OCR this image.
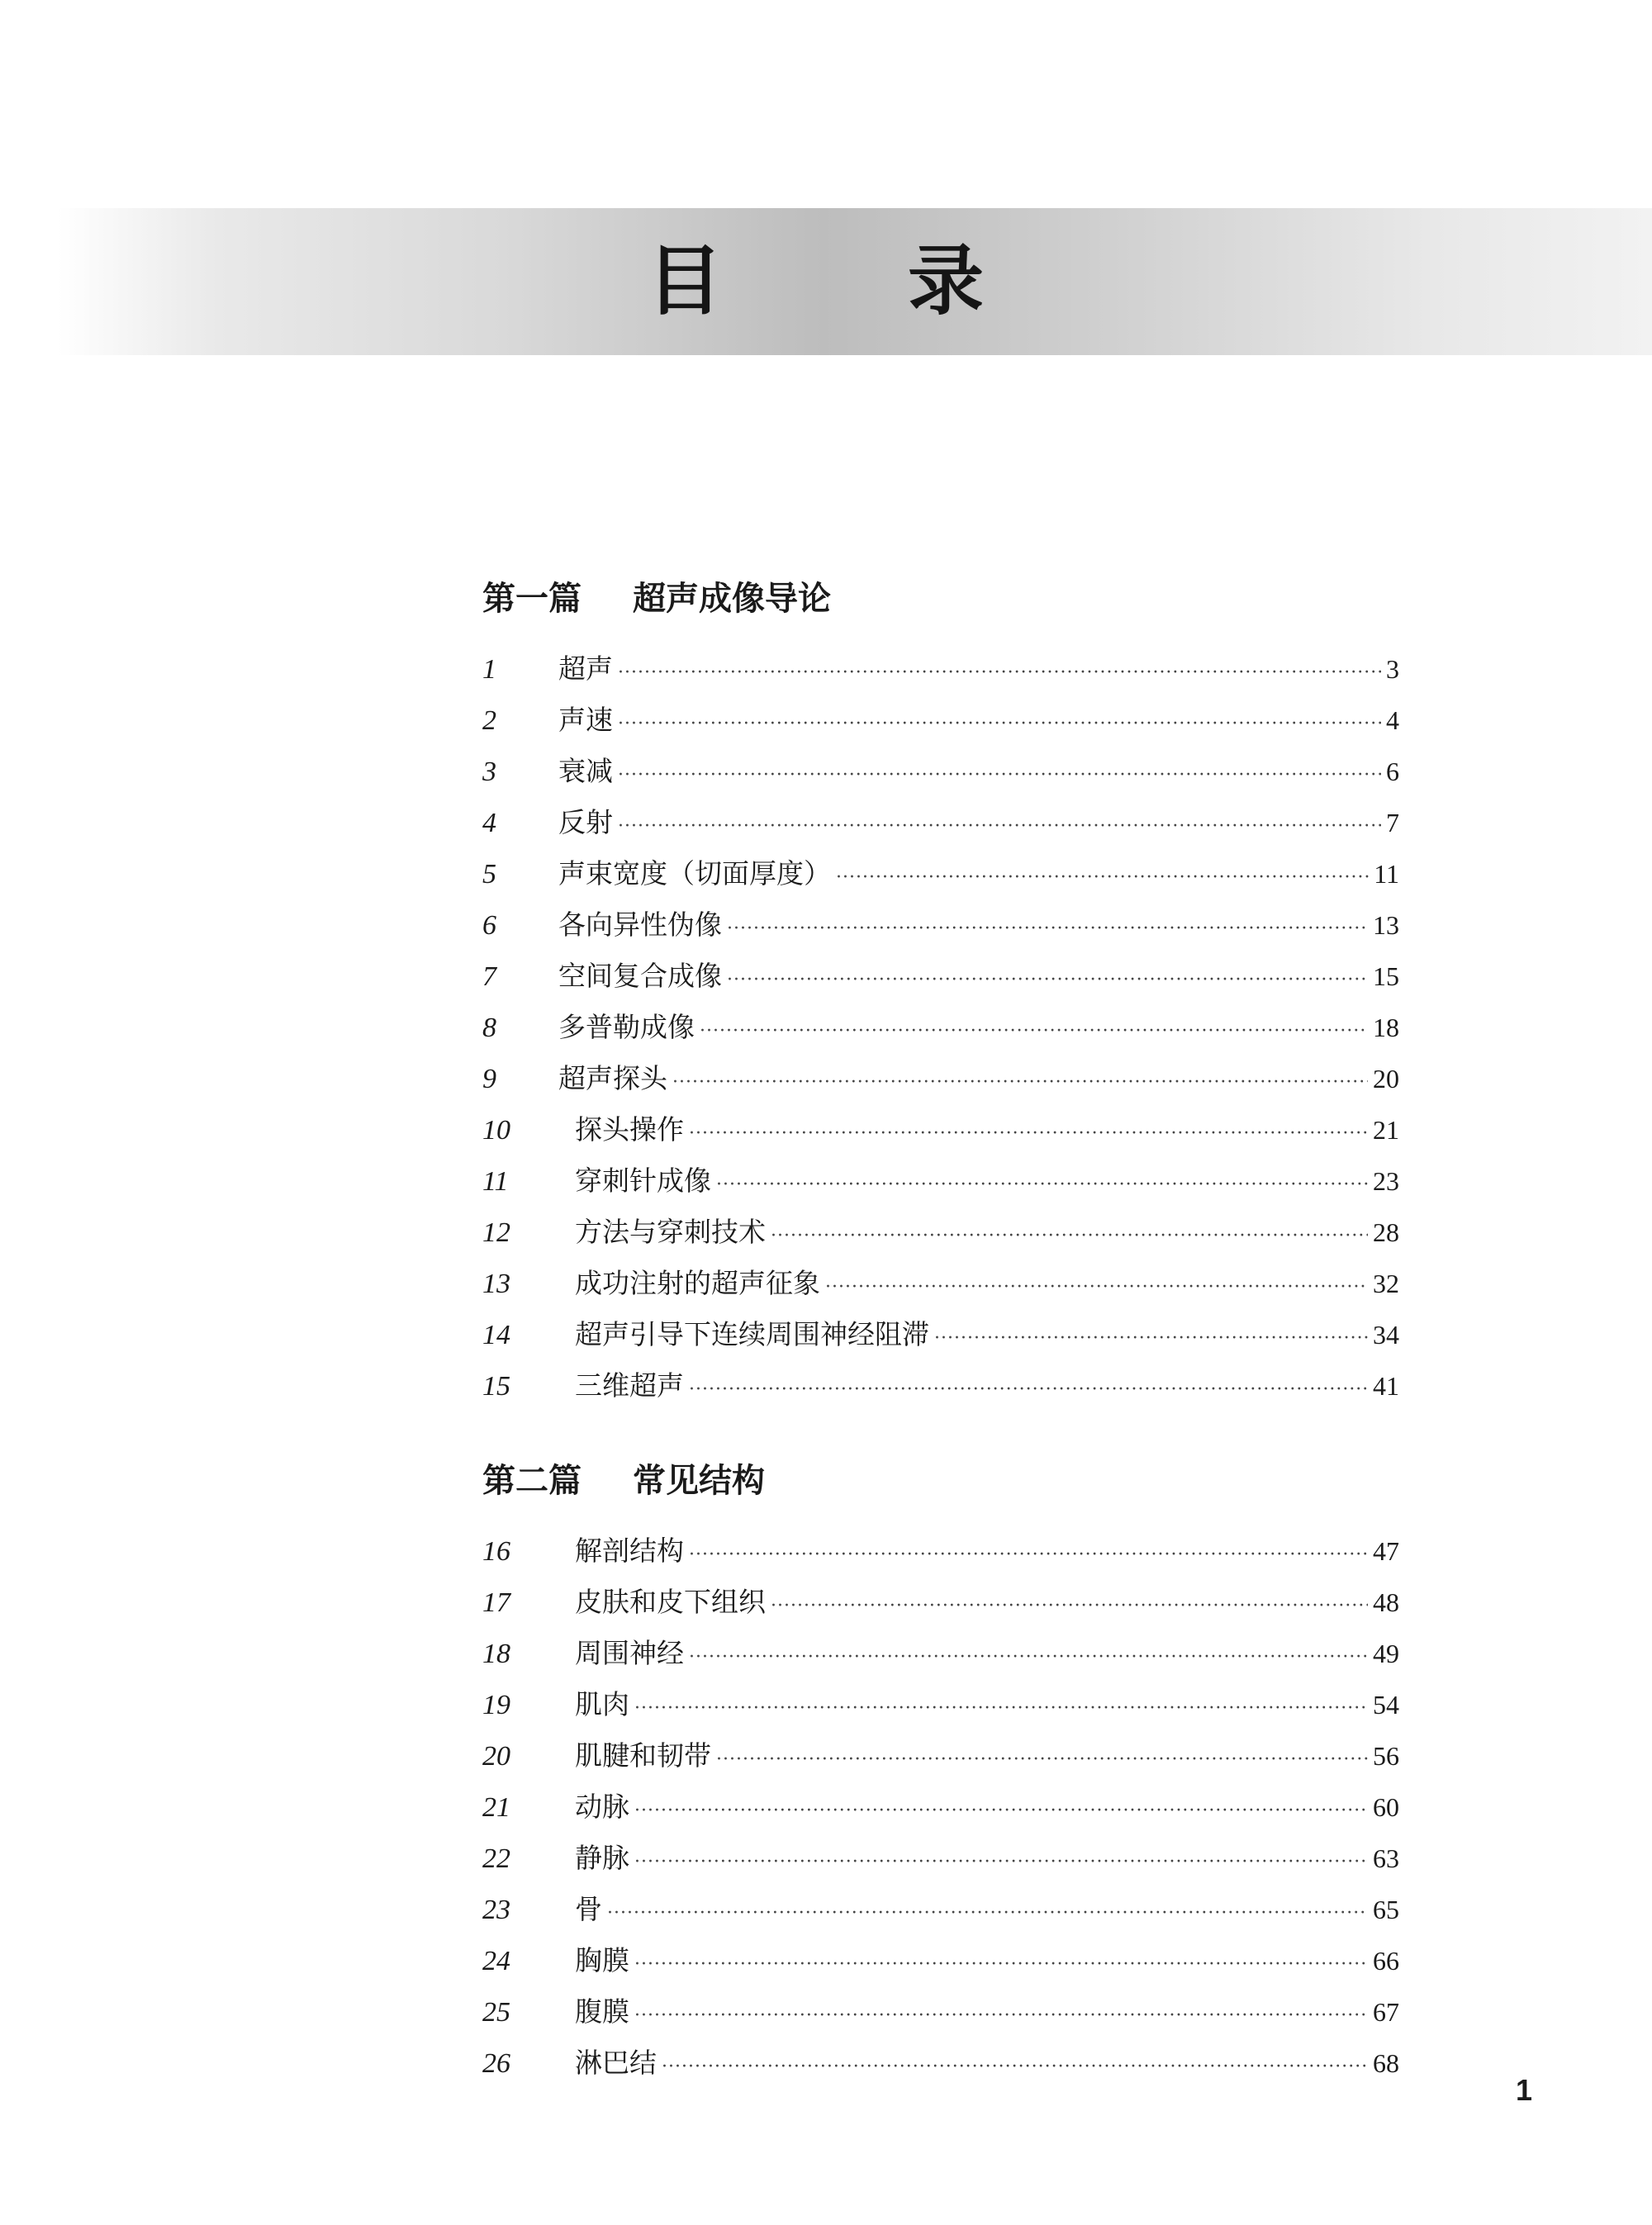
目 录
第一篇 超声成像导论
1	超声 ·····	3
2	声速 ·····	4
3	衰减 ·····	6
4	反射 ·····	7
5	声束宽度（切面厚度） ·····	11
6	各向异性伪像 ·····	13
7	空间复合成像 ·····	15
8	多普勒成像 ·····	18
9	超声探头 ·····	20
10	探头操作 ·····	21
11	穿刺针成像 ·····	23
12	方法与穿刺技术 ·····	28
13	成功注射的超声征象 ·····	32
14	超声引导下连续周围神经阻滞 ·····	34
15	三维超声 ·····	41
第二篇 常见结构
16	解剖结构 ·····	47
17	皮肤和皮下组织 ·····	48
18	周围神经 ·····	49
19	肌肉 ·····	54
20	肌腱和韧带 ·····	56
21	动脉 ·····	60
22	静脉 ·····	63
23	骨 ·····	65
24	胸膜 ·····	66
25	腹膜 ·····	67
26	淋巴结 ·····	68
1
